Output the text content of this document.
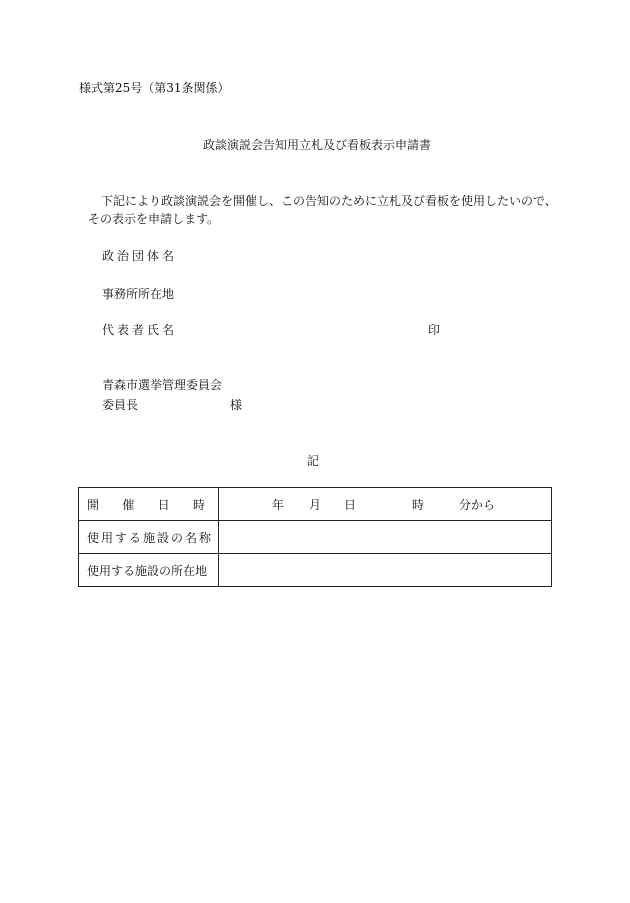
様式第25号（第31条関係）
政談演説会告知用立札及び看板表示申請書
下記により政談演説会を開催し、この告知のために立札及び看板を使用したいので、
その表示を申請します。
政治団体名
事務所所在地
代表者氏名	印
青森市選挙管理委員会
委員長	様
記
開 催 日 時	年 月 日 時 分から

使用する施設の名称	
使用する施設の所在地	
